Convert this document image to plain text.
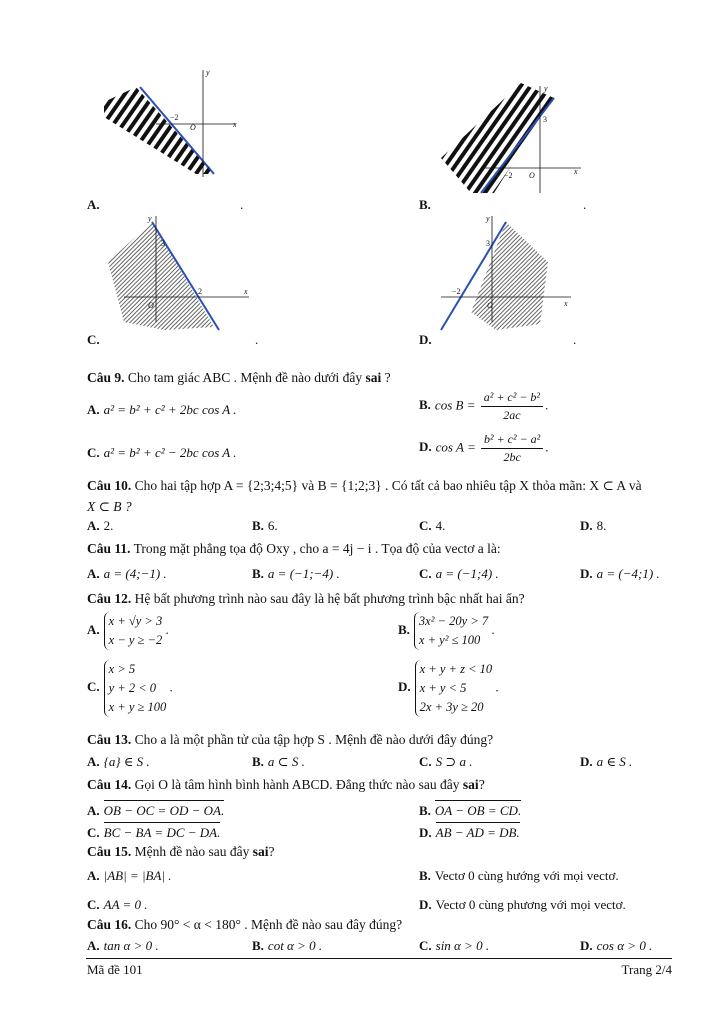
−2
O
3
x
y
A.	.
−2 O
3
x
y
B.	.
2
O
3
x
y
C.	.
−2
O
3
x
y
D.	.
Câu 9. Cho tam giác ABC . Mệnh đề nào dưới đây sai ?
A. a² = b² + c² + 2bc cos A .	B. $\cos B = \frac{\text{a² + c² − b²}}{2ac}$ .
C. a² = b² + c² − 2bc cos A .	D. $\cos A = \frac{\text{b² + c² − a²}}{2bc}$ .
Câu 10. Cho hai tập hợp A = {2;3;4;5} và B = {1;2;3} . Có tất cả bao nhiêu tập X thỏa mãn: X ⊂ A và
X ⊂ B ?
A. 2.	B. 6.	C. 4.	D. 8.
Câu 11. Trong mặt phẳng tọa độ Oxy , cho a = 4j − i . Tọa độ của vectơ a là:
A. a = (4;−1) .	B. a = (−1;−4) .	C. a = (−1;4) .	D. a = (−4;1) .
Câu 12. Hệ bất phương trình nào sau đây là hệ bất phương trình bậc nhất hai ẩn?
A.x + √y > 3
x − y ≥ −2 .	B.3x² − 20y > 7
x + y² ≤ 100 .
C.x > 5
y + 2 < 0
x + y ≥ 100 .	D.x + y + z < 10
x + y < 5
2x + 3y ≥ 20 .
Câu 13. Cho a là một phần tử của tập hợp S . Mệnh đề nào dưới đây đúng?
A. {a} ∈ S .	B. a ⊂ S .	C. S ⊃ a .	D. a ∈ S .
Câu 14. Gọi O là tâm hình bình hành ABCD. Đẳng thức nào sau đây sai?
A. OB − OC = OD − OA.	B. OA − OB = CD.
C. BC − BA = DC − DA.	D. AB − AD = DB.
Câu 15. Mệnh đề nào sau đây sai?
A. |AB| = |BA| .	B. Vectơ 0 cùng hướng với mọi vectơ.
C. AA = 0 .	D. Vectơ 0 cùng phương với mọi vectơ.
Câu 16. Cho 90° < α < 180° . Mệnh đề nào sau đây đúng?
A. tan α > 0 .	B. cot α > 0 .	C. sin α > 0 .	D. cos α > 0 .
Mã đề 101	Trang 2/4
